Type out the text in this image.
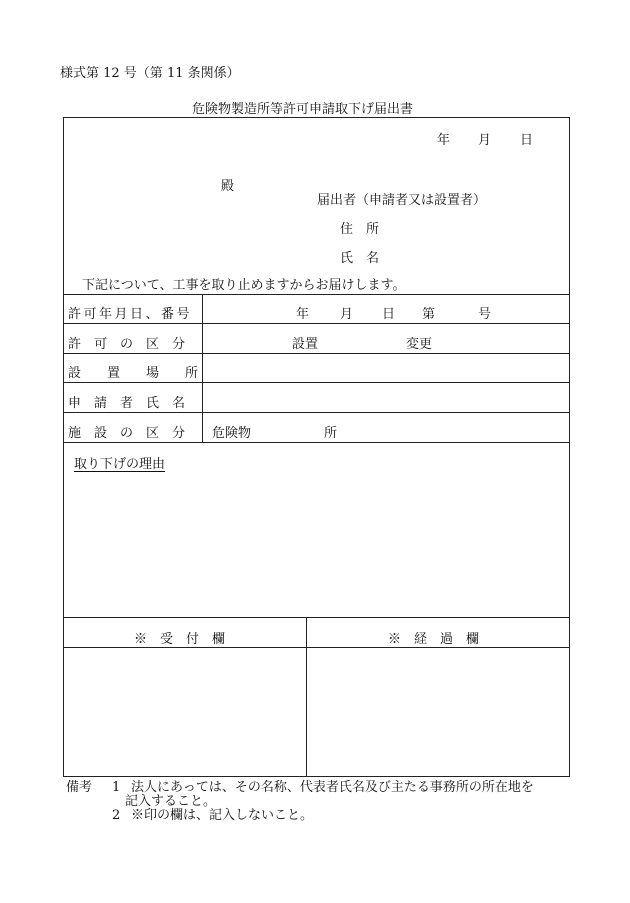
様式第 12 号（第 11 条関係）
危険物製造所等許可申請取下げ届出書
年 月 日
殿
届出者（申請者又は設置者）
住　所
氏　名
下記について、工事を取り止めますからお届けします。
許可年月日、番号	年 月 日 第	号
許可の区分	設置	変更
設置場所
申請者氏名
施設の区分 危険物	所
取り下げの理由
※　受　付　欄	※　経　過　欄
備考 1 法人にあっては、その名称、代表者氏名及び主たる事務所の所在地を
記入すること。
2 ※印の欄は、記入しないこと。
